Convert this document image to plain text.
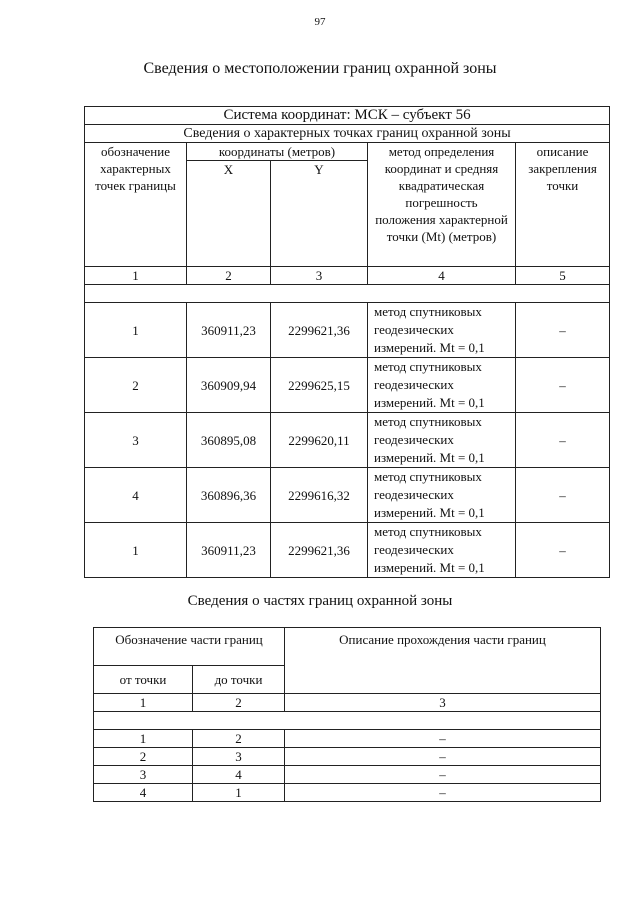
97
Сведения о местоположении границ охранной зоны
Система координат: МСК – субъект 56				
Сведения о характерных точках границ охранной зоны				
обозначение характерных точек границы	координаты (метров)		метод определения координат и средняя квадратическая погрешность положения характерной точки (Mt) (метров)	описание закрепления точки
	X	Y		
1	2	3	4	5

1	360911,23	2299621,36	метод спутниковых геодезических измерений. Mt = 0,1	–
2	360909,94	2299625,15	метод спутниковых геодезических измерений. Mt = 0,1	–
3	360895,08	2299620,11	метод спутниковых геодезических измерений. Mt = 0,1	–
4	360896,36	2299616,32	метод спутниковых геодезических измерений. Mt = 0,1	–
1	360911,23	2299621,36	метод спутниковых геодезических измерений. Mt = 0,1	–
Сведения о частях границ охранной зоны
Обозначение части границ		Описание прохождения части границ
от точки	до точки	
1	2	3

1	2	–
2	3	–
3	4	–
4	1	–
